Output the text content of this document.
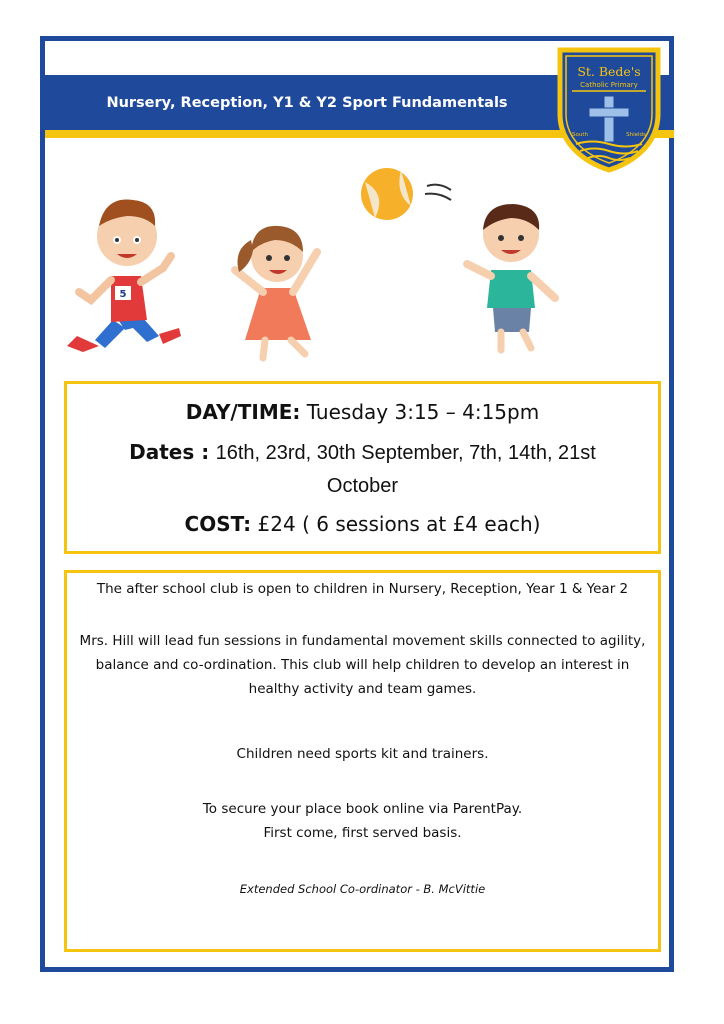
Nursery, Reception, Y1 & Y2 Sport Fundamentals
St. Bede's
Catholic Primary
South	Shields
5
DAY/TIME: Tuesday 3:15 – 4:15pm
Dates : 16th, 23rd, 30th September, 7th, 14th, 21st
October
COST: £24 ( 6 sessions at £4 each)
The after school club is open to children in Nursery, Reception, Year 1 & Year 2
Mrs. Hill will lead fun sessions in fundamental movement skills connected to agility,
balance and co-ordination. This club will help children to develop an interest in
healthy activity and team games.
Children need sports kit and trainers.
To secure your place book online via ParentPay.
First come, first served basis.
Extended School Co-ordinator - B. McVittie
